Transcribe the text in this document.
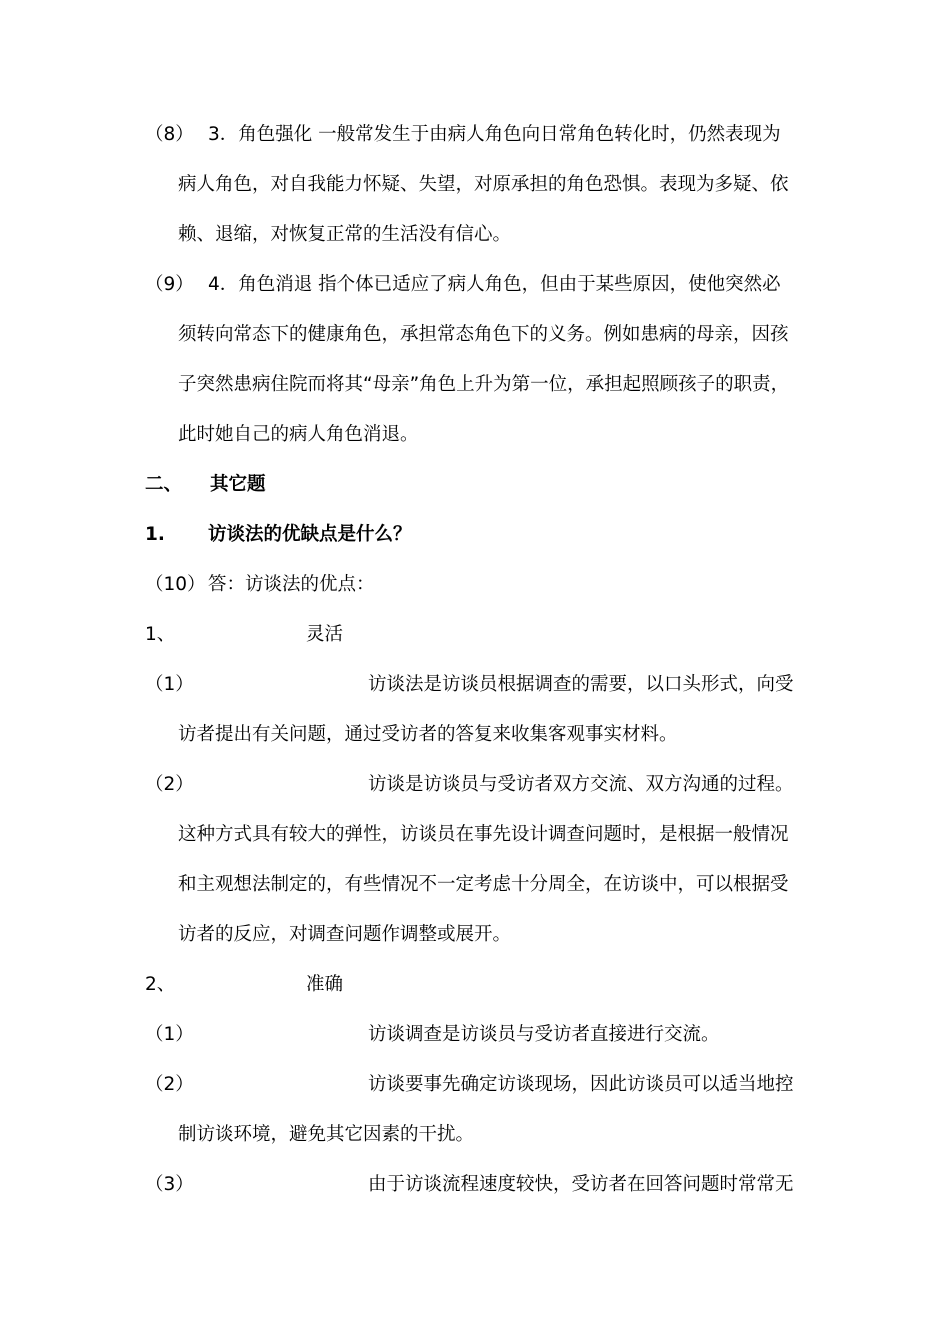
（8） 3．角色强化 一般常发生于由病人角色向日常角色转化时，仍然表现为
病人角色，对自我能力怀疑、失望，对原承担的角色恐惧。表现为多疑、依
赖、退缩，对恢复正常的生活没有信心。
（9） 4．角色消退 指个体已适应了病人角色，但由于某些原因，使他突然必
须转向常态下的健康角色，承担常态角色下的义务。例如患病的母亲，因孩
子突然患病住院而将其“母亲”角色上升为第一位，承担起照顾孩子的职责，
此时她自己的病人角色消退。
二、 其它题
1. 访谈法的优缺点是什么？
（10） 答：访谈法的优点：
1、	灵活
（1）	访谈法是访谈员根据调查的需要，以口头形式，向受
访者提出有关问题，通过受访者的答复来收集客观事实材料。
（2）	访谈是访谈员与受访者双方交流、双方沟通的过程。
这种方式具有较大的弹性，访谈员在事先设计调查问题时，是根据一般情况
和主观想法制定的，有些情况不一定考虑十分周全，在访谈中，可以根据受
访者的反应，对调查问题作调整或展开。
2、	准确
（1）	访谈调查是访谈员与受访者直接进行交流。
（2）	访谈要事先确定访谈现场，因此访谈员可以适当地控
制访谈环境，避免其它因素的干扰。
（3）	由于访谈流程速度较快，受访者在回答问题时常常无
